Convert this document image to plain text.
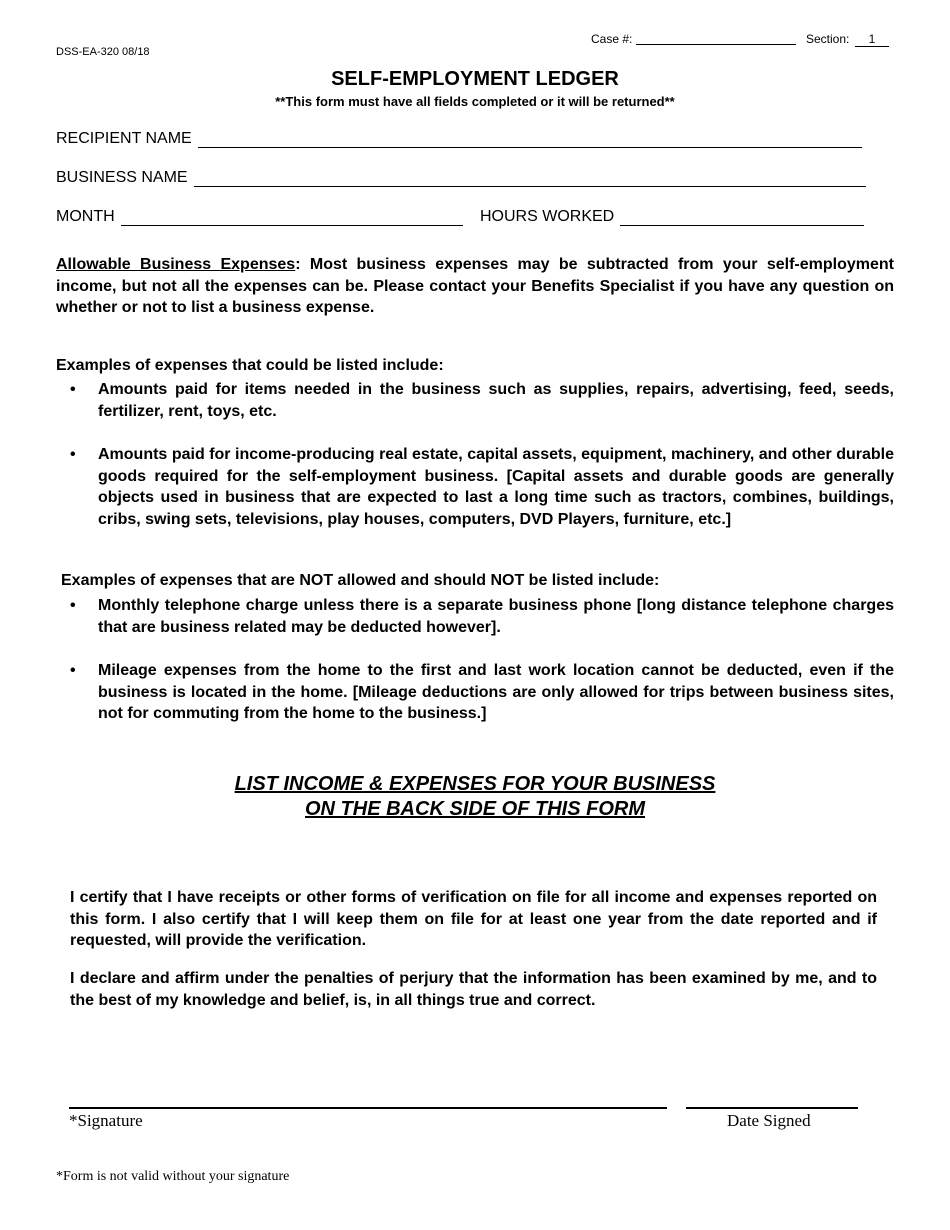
DSS-EA-320 08/18
Case #:	Section:	1
SELF-EMPLOYMENT LEDGER
**This form must have all fields completed or it will be returned**
RECIPIENT NAME
BUSINESS NAME
MONTH	HOURS WORKED
Allowable Business Expenses: Most business expenses may be subtracted from your self-employment income, but not all the expenses can be. Please contact your Benefits Specialist if you have any question on whether or not to list a business expense.
Examples of expenses that could be listed include:
• Amounts paid for items needed in the business such as supplies, repairs, advertising, feed, seeds, fertilizer, rent, toys, etc.
• Amounts paid for income-producing real estate, capital assets, equipment, machinery, and other durable goods required for the self-employment business. [Capital assets and durable goods are generally objects used in business that are expected to last a long time such as tractors, combines, buildings, cribs, swing sets, televisions, play houses, computers, DVD Players, furniture, etc.]
Examples of expenses that are NOT allowed and should NOT be listed include:
• Monthly telephone charge unless there is a separate business phone [long distance telephone charges that are business related may be deducted however].
• Mileage expenses from the home to the first and last work location cannot be deducted, even if the business is located in the home. [Mileage deductions are only allowed for trips between business sites, not for commuting from the home to the business.]
LIST INCOME & EXPENSES FOR YOUR BUSINESS
ON THE BACK SIDE OF THIS FORM
I certify that I have receipts or other forms of verification on file for all income and expenses reported on this form. I also certify that I will keep them on file for at least one year from the date reported and if requested, will provide the verification.
I declare and affirm under the penalties of perjury that the information has been examined by me, and to the best of my knowledge and belief, is, in all things true and correct.
*Signature	Date Signed
*Form is not valid without your signature
